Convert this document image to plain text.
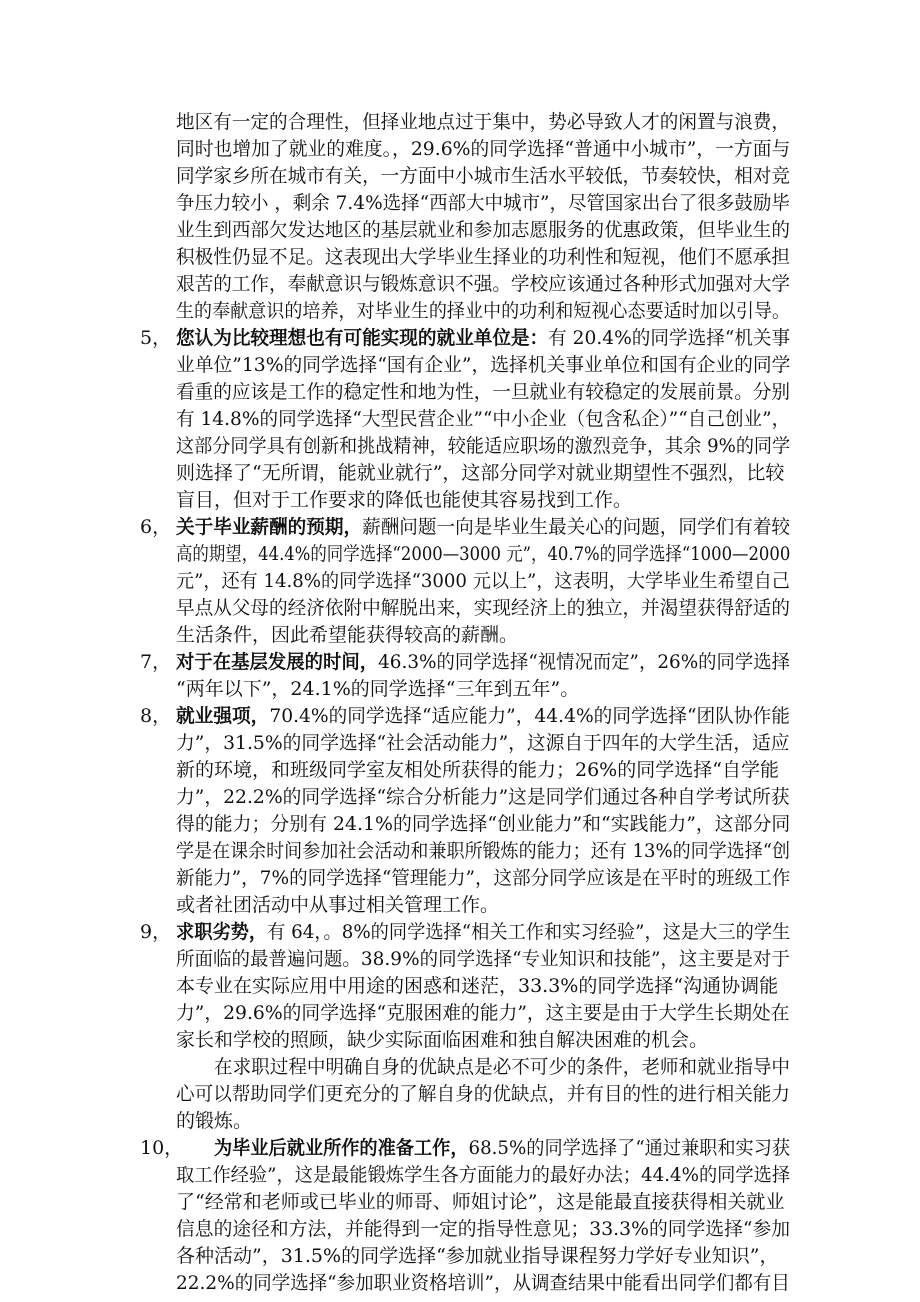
地区有一定的合理性，但择业地点过于集中，势必导致人才的闲置与浪费，
同时也增加了就业的难度。，29.6%的同学选择“普通中小城市”，一方面与
同学家乡所在城市有关，一方面中小城市生活水平较低，节奏较快，相对竞
争压力较小 ，剩余 7.4%选择“西部大中城市”，尽管国家出台了很多鼓励毕
业生到西部欠发达地区的基层就业和参加志愿服务的优惠政策，但毕业生的
积极性仍显不足。这表现出大学毕业生择业的功利性和短视，他们不愿承担
艰苦的工作，奉献意识与锻炼意识不强。学校应该通过各种形式加强对大学
生的奉献意识的培养，对毕业生的择业中的功利和短视心态要适时加以引导。
5， 您认为比较理想也有可能实现的就业单位是：有 20.4%的同学选择“机关事
业单位”13%的同学选择“国有企业”，选择机关事业单位和国有企业的同学
看重的应该是工作的稳定性和地为性，一旦就业有较稳定的发展前景。分别
有 14.8%的同学选择“大型民营企业”“中小企业（包含私企）”“自己创业”，
这部分同学具有创新和挑战精神，较能适应职场的激烈竞争，其余 9%的同学
则选择了“无所谓，能就业就行”，这部分同学对就业期望性不强烈，比较
盲目，但对于工作要求的降低也能使其容易找到工作。
6， 关于毕业薪酬的预期，薪酬问题一向是毕业生最关心的问题，同学们有着较
高的期望，44.4%的同学选择“2000—3000 元”，40.7%的同学选择“1000—2000
元”，还有 14.8%的同学选择“3000 元以上”，这表明，大学毕业生希望自己
早点从父母的经济依附中解脱出来，实现经济上的独立，并渴望获得舒适的
生活条件，因此希望能获得较高的薪酬。
7， 对于在基层发展的时间，46.3%的同学选择“视情况而定”，26%的同学选择
“两年以下”，24.1%的同学选择“三年到五年”。
8， 就业强项，70.4%的同学选择“适应能力”，44.4%的同学选择“团队协作能
力”，31.5%的同学选择“社会活动能力”，这源自于四年的大学生活，适应
新的环境，和班级同学室友相处所获得的能力；26%的同学选择“自学能
力”，22.2%的同学选择“综合分析能力”这是同学们通过各种自学考试所获
得的能力；分别有 24.1%的同学选择“创业能力”和“实践能力”，这部分同
学是在课余时间参加社会活动和兼职所锻炼的能力；还有 13%的同学选择“创
新能力”，7%的同学选择“管理能力”，这部分同学应该是在平时的班级工作
或者社团活动中从事过相关管理工作。
9， 求职劣势，有 64，。8%的同学选择“相关工作和实习经验”，这是大三的学生
所面临的最普遍问题。38.9%的同学选择“专业知识和技能”，这主要是对于
本专业在实际应用中用途的困惑和迷茫，33.3%的同学选择“沟通协调能
力”，29.6%的同学选择“克服困难的能力”，这主要是由于大学生长期处在
家长和学校的照顾，缺少实际面临困难和独自解决困难的机会。
在求职过程中明确自身的优缺点是必不可少的条件，老师和就业指导中
心可以帮助同学们更充分的了解自身的优缺点，并有目的性的进行相关能力
的锻炼。
10， 为毕业后就业所作的准备工作，68.5%的同学选择了“通过兼职和实习获
取工作经验”，这是最能锻炼学生各方面能力的最好办法；44.4%的同学选择
了“经常和老师或已毕业的师哥、师姐讨论”，这是能最直接获得相关就业
信息的途径和方法，并能得到一定的指导性意见；33.3%的同学选择“参加
各种活动”，31.5%的同学选择“参加就业指导课程努力学好专业知识”，
22.2%的同学选择“参加职业资格培训”，从调查结果中能看出同学们都有目
